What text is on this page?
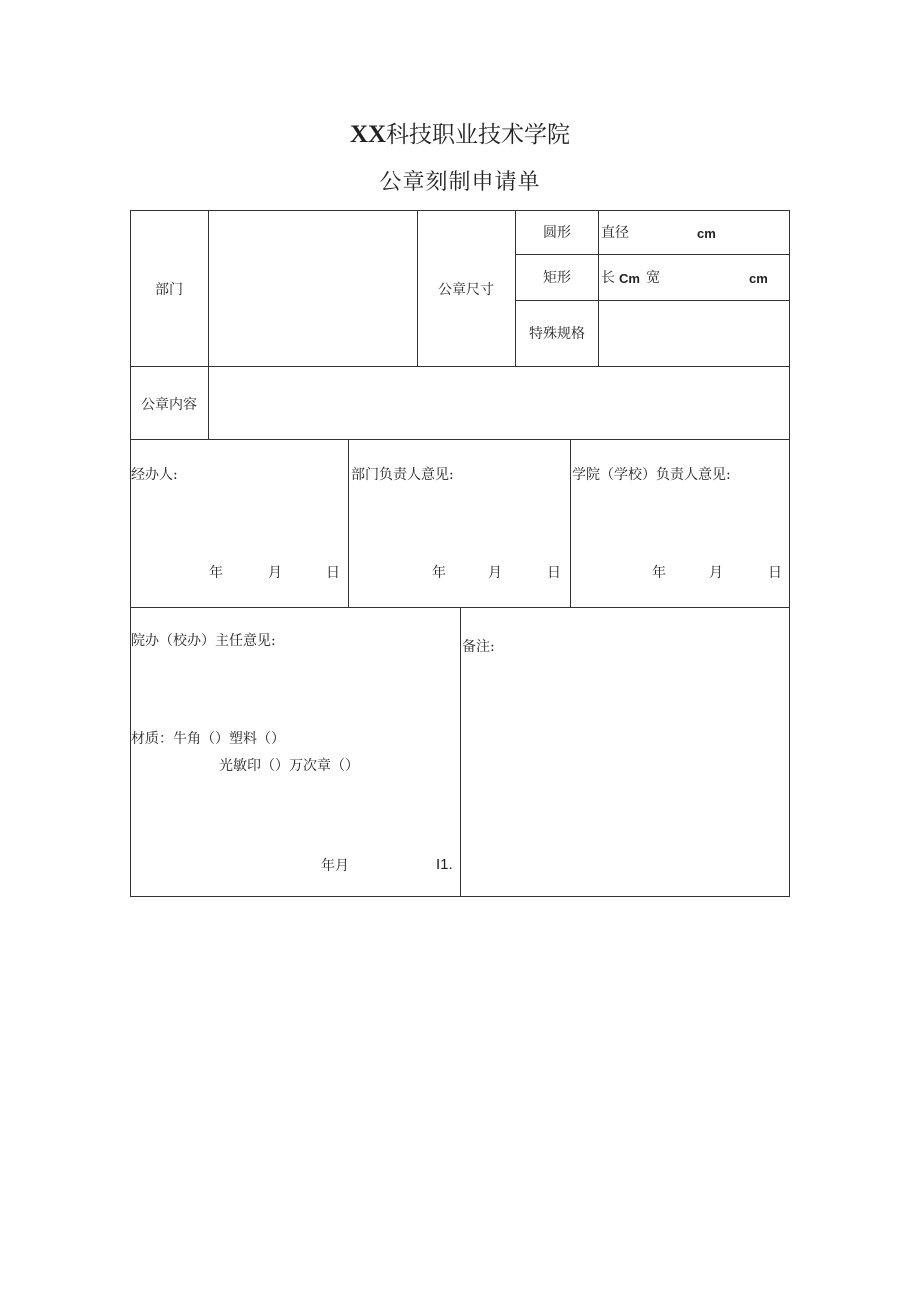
XX科技职业技术学院
公章刻制申请单
部门	公章尺寸
圆形 直径	cm
矩形 长 Cm 宽	cm
特殊规格
公章内容
经办人:
年	月	日
部门负责人意见:
年	月	日
学院（学校）负责人意见:
年	月	日
院办（校办）主任意见:
材质：牛角（）塑料（）
光敏印（）万次章（）
年月	I1.
备注:
